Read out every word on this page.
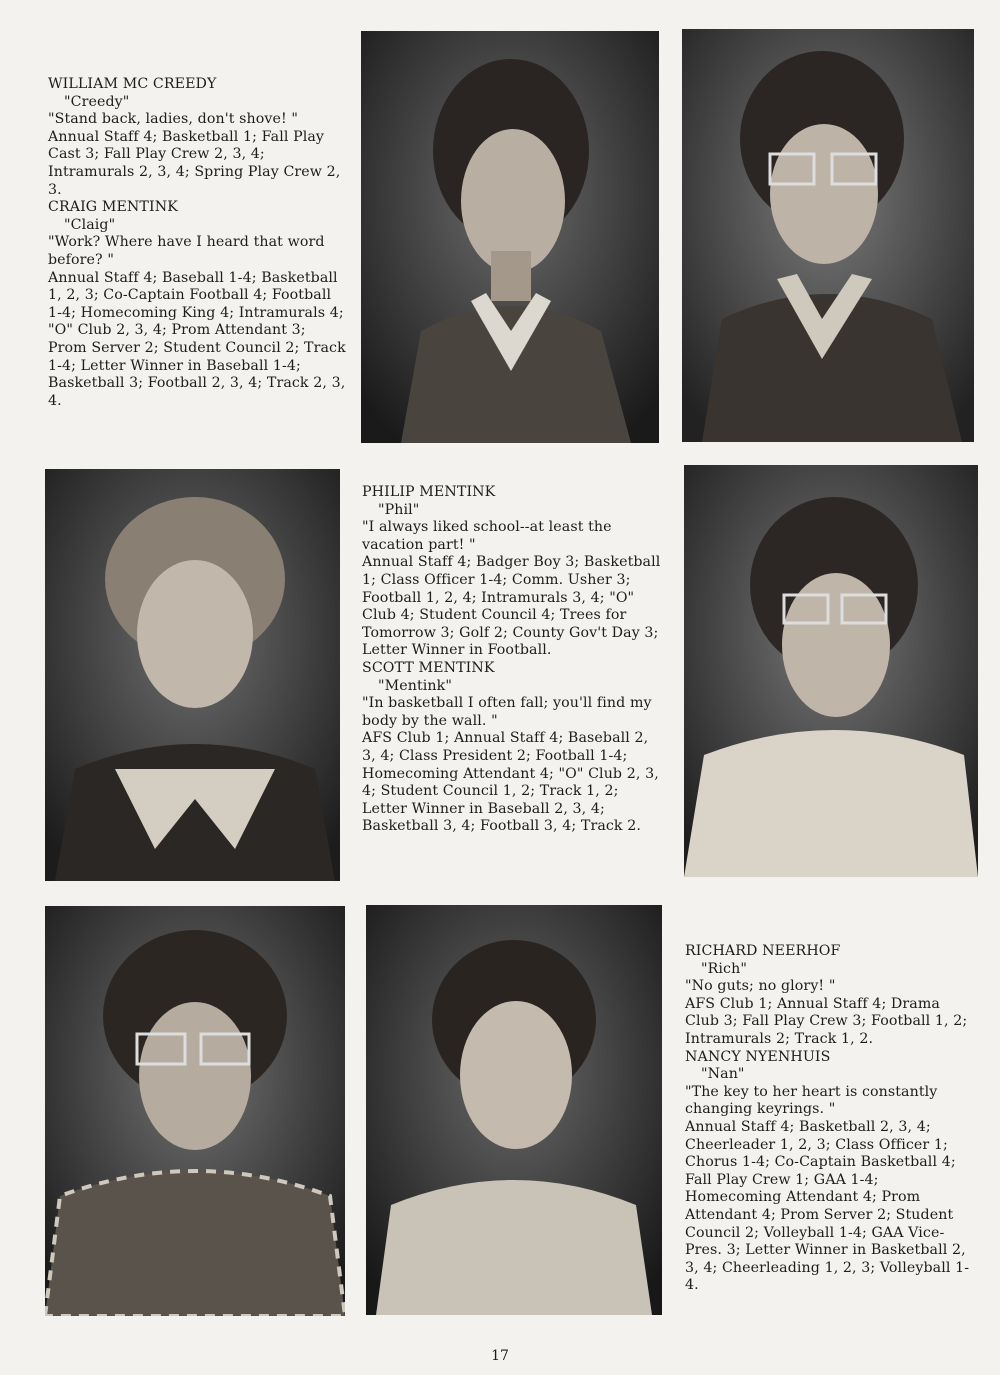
WILLIAM MC CREEDY

"Creedy"

"Stand back, ladies, don't shove! "

Annual Staff 4; Basketball 1; Fall Play Cast 3; Fall Play Crew 2, 3, 4; Intramurals 2, 3, 4; Spring Play Crew 2, 3.

CRAIG MENTINK

"Claig"

"Work? Where have I heard that word before? "

Annual Staff 4; Baseball 1-4; Basketball 1, 2, 3; Co-Captain Football 4; Football 1-4; Homecoming King 4; Intramurals 4; "O" Club 2, 3, 4; Prom Attendant 3; Prom Server 2; Student Council 2; Track 1-4; Letter Winner in Baseball 1-4; Basketball 3; Football 2, 3, 4; Track 2, 3, 4.

PHILIP MENTINK

"Phil"

"I always liked school--at least the vacation part! "

Annual Staff 4; Badger Boy 3; Basketball 1; Class Officer 1-4; Comm. Usher 3; Football 1, 2, 4; Intramurals 3, 4; "O" Club 4; Student Council 4; Trees for Tomorrow 3; Golf 2; County Gov't Day 3; Letter Winner in Football.

SCOTT MENTINK

"Mentink"

"In basketball I often fall; you'll find my body by the wall. "

AFS Club 1; Annual Staff 4; Baseball 2, 3, 4; Class President 2; Football 1-4; Homecoming Attendant 4; "O" Club 2, 3, 4; Student Council 1, 2; Track 1, 2; Letter Winner in Baseball 2, 3, 4; Basketball 3, 4; Football 3, 4; Track 2.

RICHARD NEERHOF

"Rich"

"No guts; no glory! "

AFS Club 1; Annual Staff 4; Drama Club 3; Fall Play Crew 3; Football 1, 2; Intramurals 2; Track 1, 2.

NANCY NYENHUIS

"Nan"

"The key to her heart is constantly changing keyrings. "

Annual Staff 4; Basketball 2, 3, 4; Cheerleader 1, 2, 3; Class Officer 1; Chorus 1-4; Co-Captain Basketball 4; Fall Play Crew 1; GAA 1-4; Homecoming Attendant 4; Prom Attendant 4; Prom Server 2; Student Council 2; Volleyball 1-4; GAA Vice-Pres. 3; Letter Winner in Basketball 2, 3, 4; Cheerleading 1, 2, 3; Volleyball 1-4.

17
